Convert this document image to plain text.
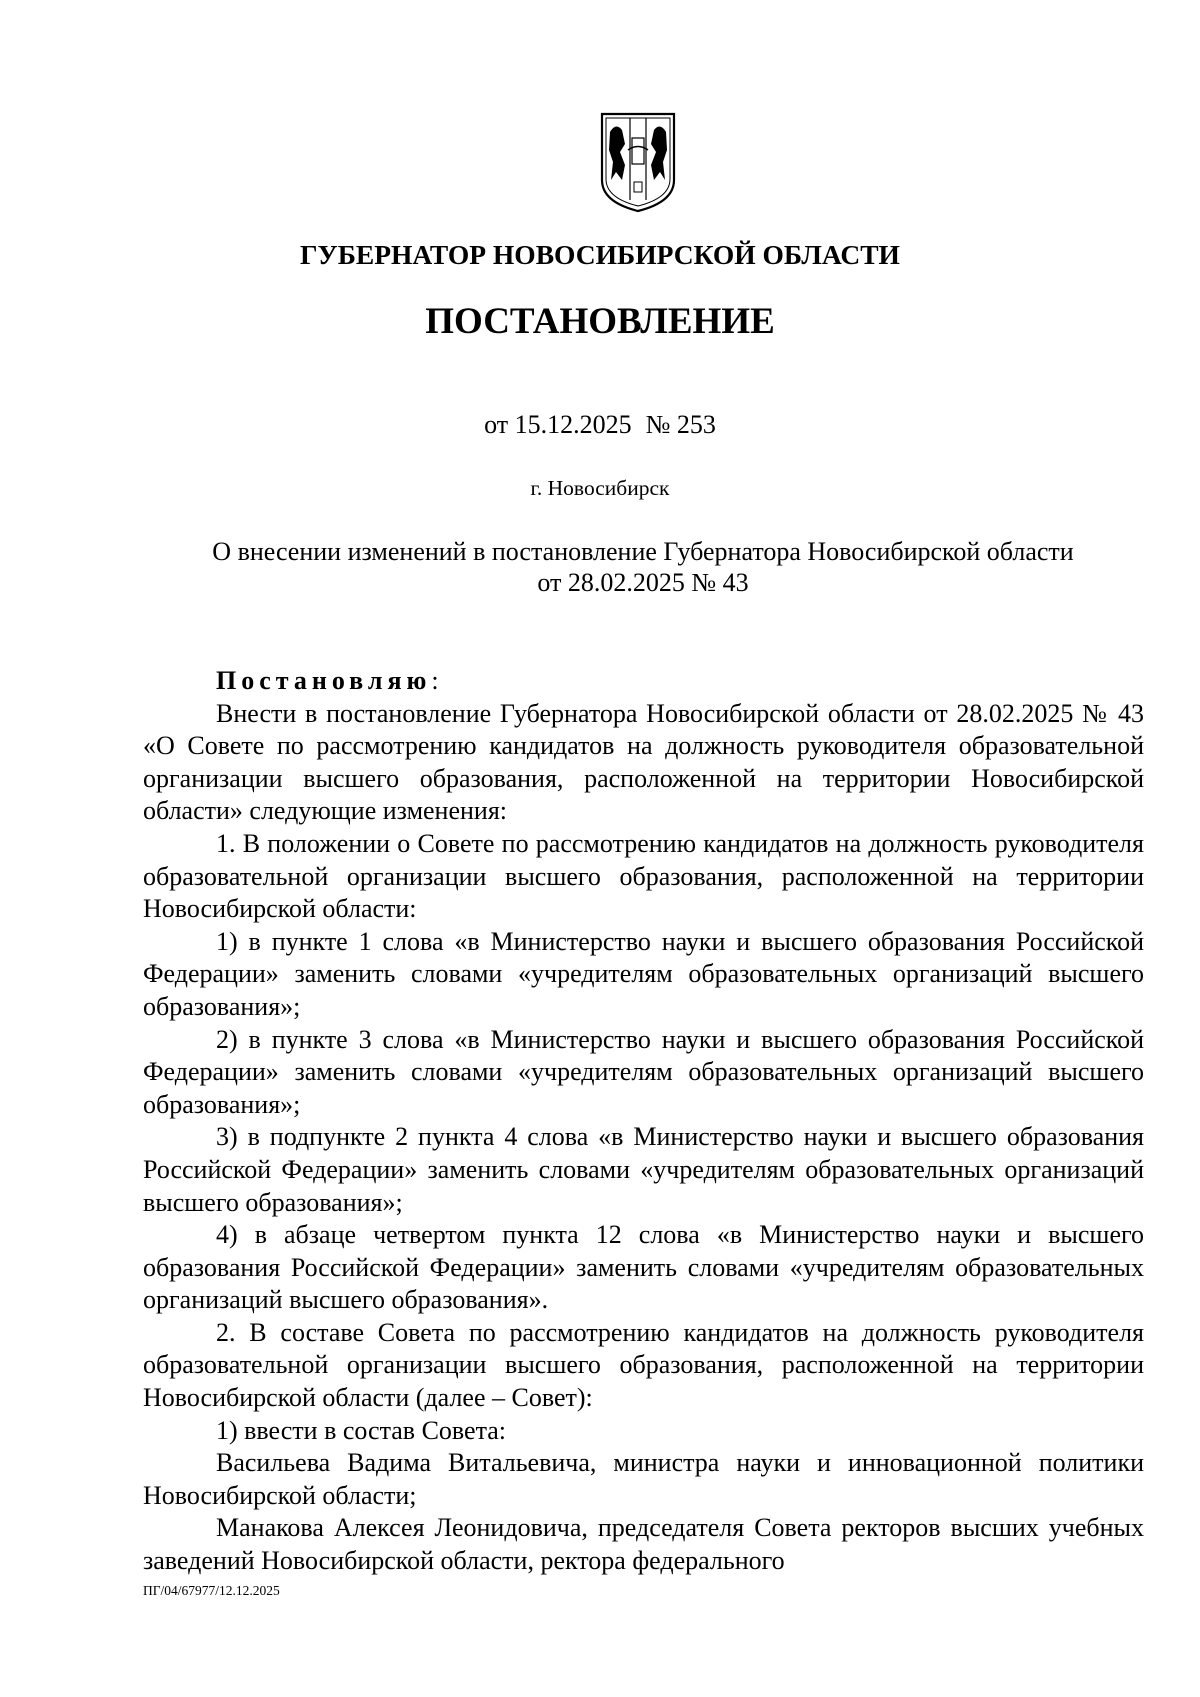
ГУБЕРНАТОР НОВОСИБИРСКОЙ ОБЛАСТИ
ПОСТАНОВЛЕНИЕ
от 15.12.2025 № 253
г. Новосибирск
О внесении изменений в постановление Губернатора Новосибирской области
от 28.02.2025 № 43

Постановляю:

Внести в постановление Губернатора Новосибирской области от 28.02.2025 № 43 «О Совете по рассмотрению кандидатов на должность руководителя образовательной организации высшего образования, расположенной на территории Новосибирской области» следующие изменения:

1. В положении о Совете по рассмотрению кандидатов на должность руководителя образовательной организации высшего образования, расположенной на территории Новосибирской области:

1) в пункте 1 слова «в Министерство науки и высшего образования Российской Федерации» заменить словами «учредителям образовательных организаций высшего образования»;

2) в пункте 3 слова «в Министерство науки и высшего образования Российской Федерации» заменить словами «учредителям образовательных организаций высшего образования»;

3) в подпункте 2 пункта 4 слова «в Министерство науки и высшего образования Российской Федерации» заменить словами «учредителям образовательных организаций высшего образования»;

4) в абзаце четвертом пункта 12 слова «в Министерство науки и высшего образования Российской Федерации» заменить словами «учредителям образовательных организаций высшего образования».

2. В составе Совета по рассмотрению кандидатов на должность руководителя образовательной организации высшего образования, расположенной на территории Новосибирской области (далее – Совет):

1) ввести в состав Совета:

Васильева Вадима Витальевича, министра науки и инновационной политики Новосибирской области;

Манакова Алексея Леонидовича, председателя Совета ректоров высших учебных заведений Новосибирской области, ректора федерального

ПГ/04/67977/12.12.2025
